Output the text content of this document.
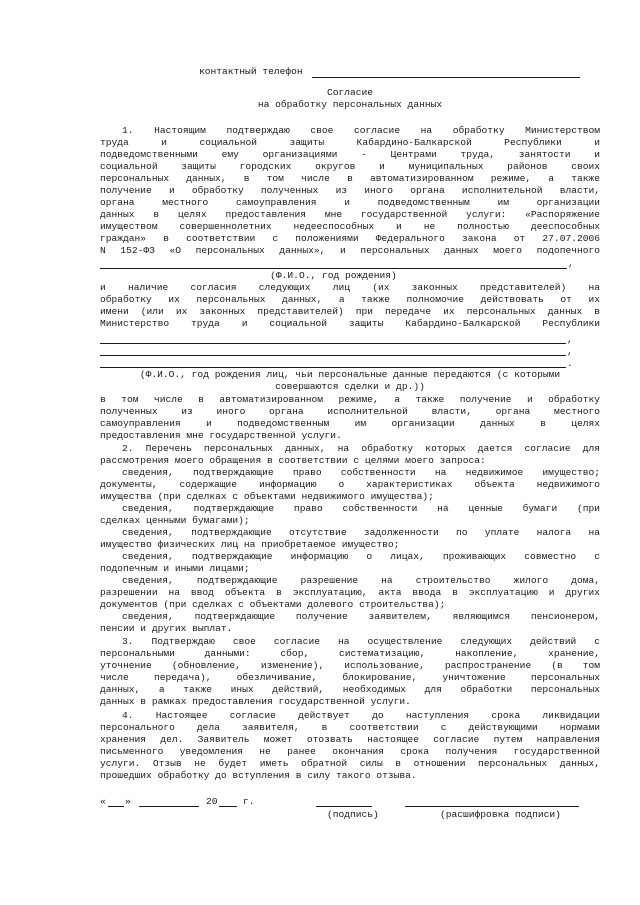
контактный телефон
Согласие
на обработку персональных данных
1. Настоящим подтверждаю свое согласие на обработку Министерством
труда и социальной защиты Кабардино-Балкарской Республики и
подведомственными ему организациями - Центрами труда, занятости и
социальной защиты городских округов и муниципальных районов своих
персональных данных, в том числе в автоматизированном режиме, а также
получение и обработку полученных из иного органа исполнительной власти,
органа местного самоуправления и подведомственным им организации
данных в целях предоставления мне государственной услуги: «Распоряжение
имуществом совершеннолетних недееспособных и не полностью дееспособных
граждан» в соответствии с положениями Федерального закона от 27.07.2006
N 152-ФЗ «О персональных данных», и персональных данных моего подопечного
,
(Ф.И.О., год рождения)
и наличие согласия следующих лиц (их законных представителей) на
обработку их персональных данных, а также полномочие действовать от их
имени (или их законных представителей) при передаче их персональных данных в
Министерство труда и социальной защиты Кабардино-Балкарской Республики
,
,
.
(Ф.И.О., год рождения лиц, чьи персональные данные передаются (с которыми
совершаются сделки и др.))
в том числе в автоматизированном режиме, а также получение и обработку
полученных из иного органа исполнительной власти, органа местного
самоуправления и подведомственным им организации данных в целях
предоставления мне государственной услуги.
2. Перечень персональных данных, на обработку которых дается согласие для
рассмотрения моего обращения в соответствии с целями моего запроса:
сведения, подтверждающие право собственности на недвижимое имущество;
документы, содержащие информацию о характеристиках объекта недвижимого
имущества (при сделках с объектами недвижимого имущества);
сведения, подтверждающие право собственности на ценные бумаги (при
сделках ценными бумагами);
сведения, подтверждающие отсутствие задолженности по уплате налога на
имущество физических лиц на приобретаемое имущество;
сведения, подтверждающие информацию о лицах, проживающих совместно с
подопечным и иными лицами;
сведения, подтверждающие разрешение на строительство жилого дома,
разрешении на ввод объекта в эксплуатацию, акта ввода в эксплуатацию и других
документов (при сделках с объектами долевого строительства);
сведения, подтверждающие получение заявителем, являющимся пенсионером,
пенсии и других выплат.
3. Подтверждаю свое согласие на осуществление следующих действий с
персональными данными: сбор, систематизацию, накопление, хранение,
уточнение (обновление, изменение), использование, распространение (в том
числе передача), обезличивание, блокирование, уничтожение персональных
данных, а также иных действий, необходимых для обработки персональных
данных в рамках предоставления государственной услуги.
4. Настоящее согласие действует до наступления срока ликвидации
персонального дела заявителя, в соответствии с действующими нормами
хранения дел. Заявитель может отозвать настоящее согласие путем направления
письменного уведомления не ранее окончания срока получения государственной
услуги. Отзыв не будет иметь обратной силы в отношении персональных данных,
прошедших обработку до вступления в силу такого отзыва.
« »	20	г.
(подпись)	(расшифровка подписи)
